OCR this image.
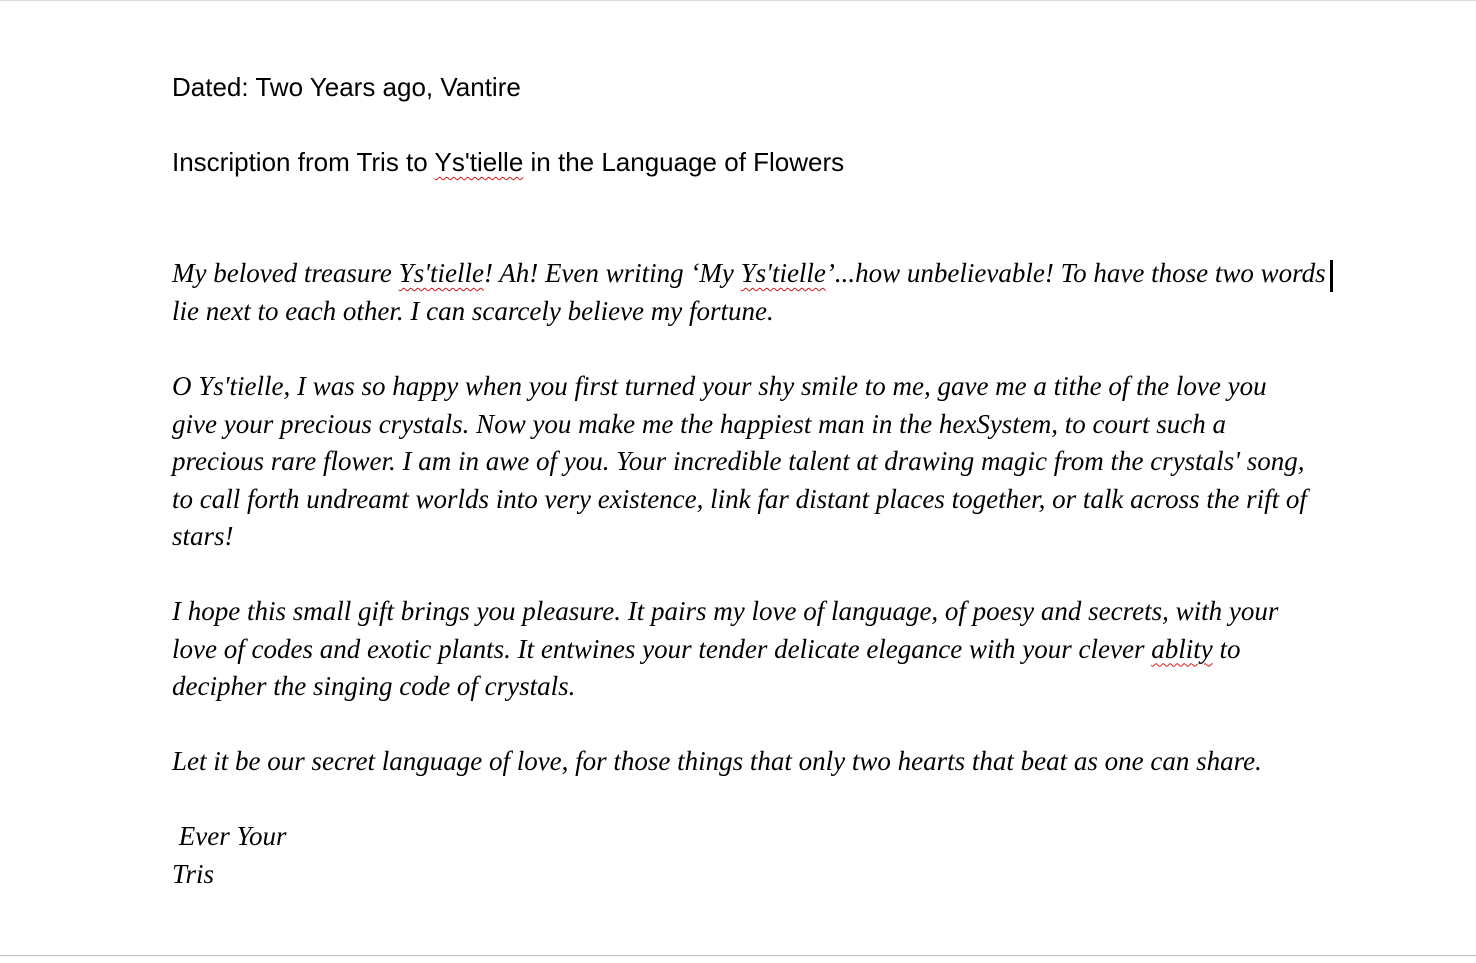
Dated: Two Years ago, Vantire

Inscription from Tris to Ys'tielle in the Language of Flowers

My beloved treasure Ys'tielle! Ah! Even writing ‘My Ys'tielle’...how unbelievable! To have those two words
lie next to each other. I can scarcely believe my fortune.
O Ys'tielle, I was so happy when you first turned your shy smile to me, gave me a tithe of the love you
give your precious crystals. Now you make me the happiest man in the hexSystem, to court such a
precious rare flower. I am in awe of you. Your incredible talent at drawing magic from the crystals' song,
to call forth undreamt worlds into very existence, link far distant places together, or talk across the rift of
stars!
I hope this small gift brings you pleasure. It pairs my love of language, of poesy and secrets, with your
love of codes and exotic plants. It entwines your tender delicate elegance with your clever ablity to
decipher the singing code of crystals.
Let it be our secret language of love, for those things that only two hearts that beat as one can share.
Ever Your
Tris
